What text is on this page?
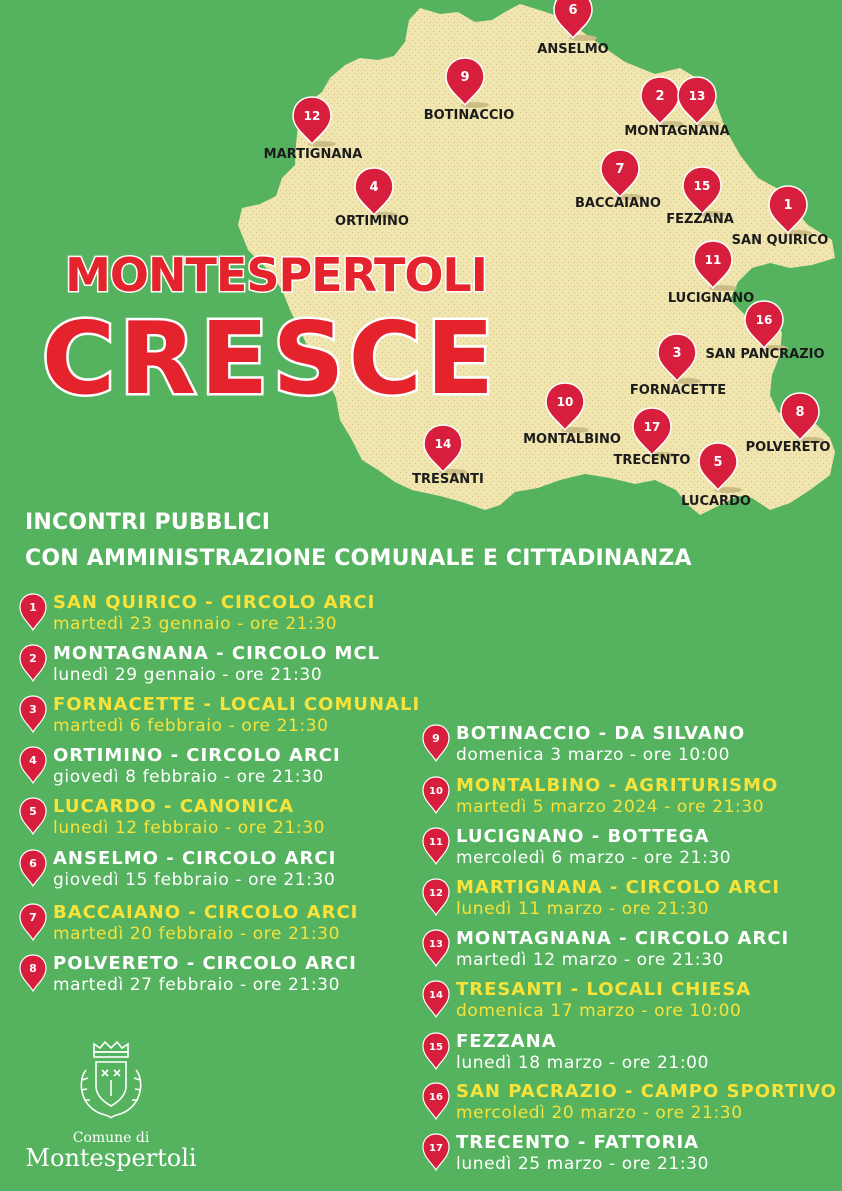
6
9
2 13
12
4
7
15
1
11
16
3
10
17
8
14
5
ANSELMO
BOTINACCIO
MONTAGNANA
MARTIGNANA
ORTIMINO
BACCAIANO
FEZZANA
SAN QUIRICO
LUCIGNANO
SAN PANCRAZIO
FORNACETTE
MONTALBINO
TRECENTO
POLVERETO
TRESANTI
LUCARDO
MONTESPERTOLI
CRESCE
INCONTRI PUBBLICI
CON AMMINISTRAZIONE COMUNALE E CITTADINANZA
1 SAN QUIRICO - CIRCOLO ARCI
martedì 23 gennaio - ore 21:30
2 MONTAGNANA - CIRCOLO MCL
lunedì 29 gennaio - ore 21:30
3 FORNACETTE - LOCALI COMUNALI
martedì 6 febbraio - ore 21:30
4 ORTIMINO - CIRCOLO ARCI
giovedì 8 febbraio - ore 21:30
5 LUCARDO - CANONICA
lunedì 12 febbraio - ore 21:30
6 ANSELMO - CIRCOLO ARCI
giovedì 15 febbraio - ore 21:30
7 BACCAIANO - CIRCOLO ARCI
martedì 20 febbraio - ore 21:30
8 POLVERETO - CIRCOLO ARCI
martedì 27 febbraio - ore 21:30
9 BOTINACCIO - DA SILVANO
domenica 3 marzo - ore 10:00
10 MONTALBINO - AGRITURISMO
martedì 5 marzo 2024 - ore 21:30
11 LUCIGNANO - BOTTEGA
mercoledì 6 marzo - ore 21:30
12 MARTIGNANA - CIRCOLO ARCI
lunedì 11 marzo - ore 21:30
13 MONTAGNANA - CIRCOLO ARCI
martedì 12 marzo - ore 21:30
14 TRESANTI - LOCALI CHIESA
domenica 17 marzo - ore 10:00
15 FEZZANA
lunedì 18 marzo - ore 21:00
16 SAN PACRAZIO - CAMPO SPORTIVO
mercoledì 20 marzo - ore 21:30
17 TRECENTO - FATTORIA
lunedì 25 marzo - ore 21:30
Comune di
Montespertoli
